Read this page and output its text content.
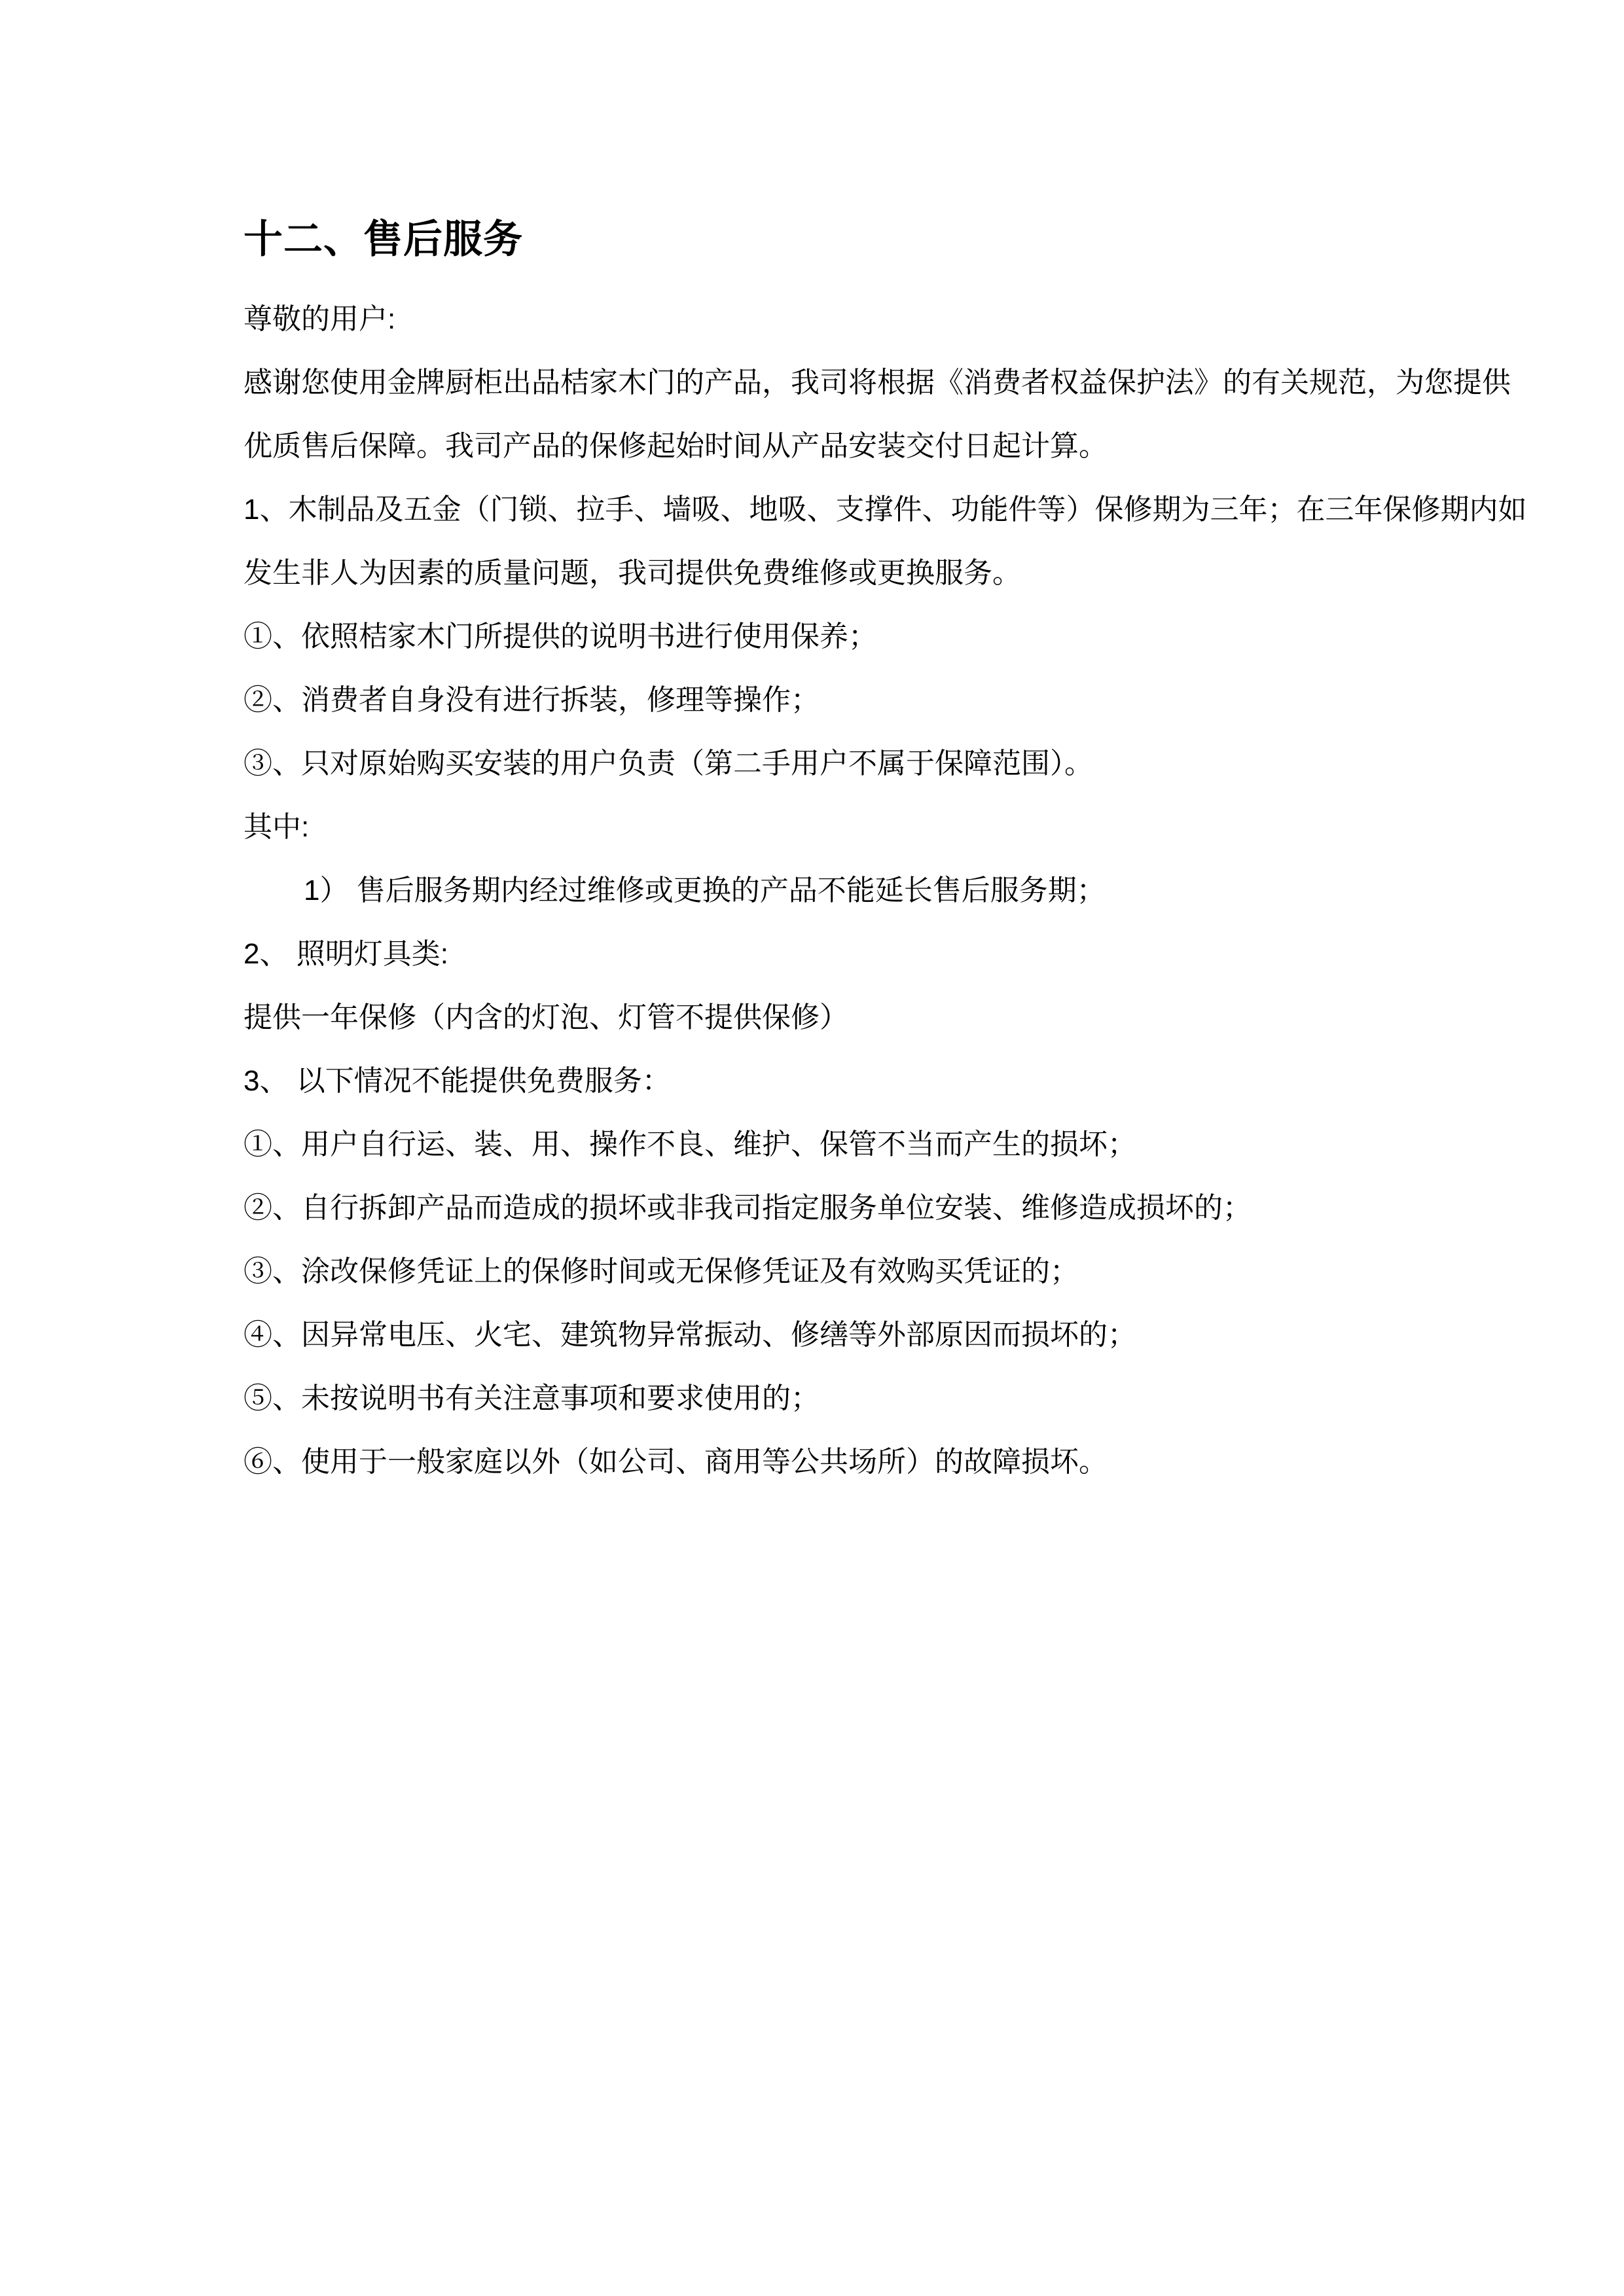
十二、售后服务
尊敬的用户:
感谢您使用金牌厨柜出品桔家木门的产品，我司将根据《消费者权益保护法》的有关规范，为您提供
优质售后保障。我司产品的保修起始时间从产品安装交付日起计算。
1、木制品及五金（门锁、拉手、墙吸、地吸、支撑件、功能件等）保修期为三年；在三年保修期内如
发生非人为因素的质量问题，我司提供免费维修或更换服务。
①、依照桔家木门所提供的说明书进行使用保养；
②、消费者自身没有进行拆装，修理等操作；
③、只对原始购买安装的用户负责（第二手用户不属于保障范围）。
其中:
1） 售后服务期内经过维修或更换的产品不能延长售后服务期；
2、 照明灯具类:
提供一年保修（内含的灯泡、灯管不提供保修）
3、 以下情况不能提供免费服务：
①、用户自行运、装、用、操作不良、维护、保管不当而产生的损坏；
②、自行拆卸产品而造成的损坏或非我司指定服务单位安装、维修造成损坏的；
③、涂改保修凭证上的保修时间或无保修凭证及有效购买凭证的；
④、因异常电压、火宅、建筑物异常振动、修缮等外部原因而损坏的；
⑤、未按说明书有关注意事项和要求使用的；
⑥、使用于一般家庭以外（如公司、商用等公共场所）的故障损坏。
